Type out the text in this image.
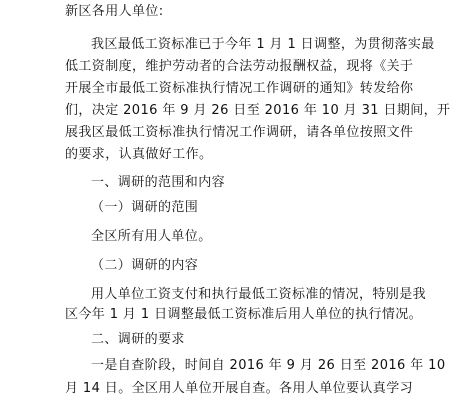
新区各用人单位:
我区最低工资标准已于今年 1 月 1 日调整，为贯彻落实最
低工资制度，维护劳动者的合法劳动报酬权益，现将《关于
开展全市最低工资标准执行情况工作调研的通知》转发给你
们，决定 2016 年 9 月 26 日至 2016 年 10 月 31 日期间，开
展我区最低工资标准执行情况工作调研，请各单位按照文件
的要求，认真做好工作。
一、调研的范围和内容
（一）调研的范围
全区所有用人单位。
（二）调研的内容
用人单位工资支付和执行最低工资标准的情况，特别是我
区今年 1 月 1 日调整最低工资标准后用人单位的执行情况。
二、调研的要求
一是自查阶段，时间自 2016 年 9 月 26 日至 2016 年 10
月 14 日。全区用人单位开展自查。各用人单位要认真学习
